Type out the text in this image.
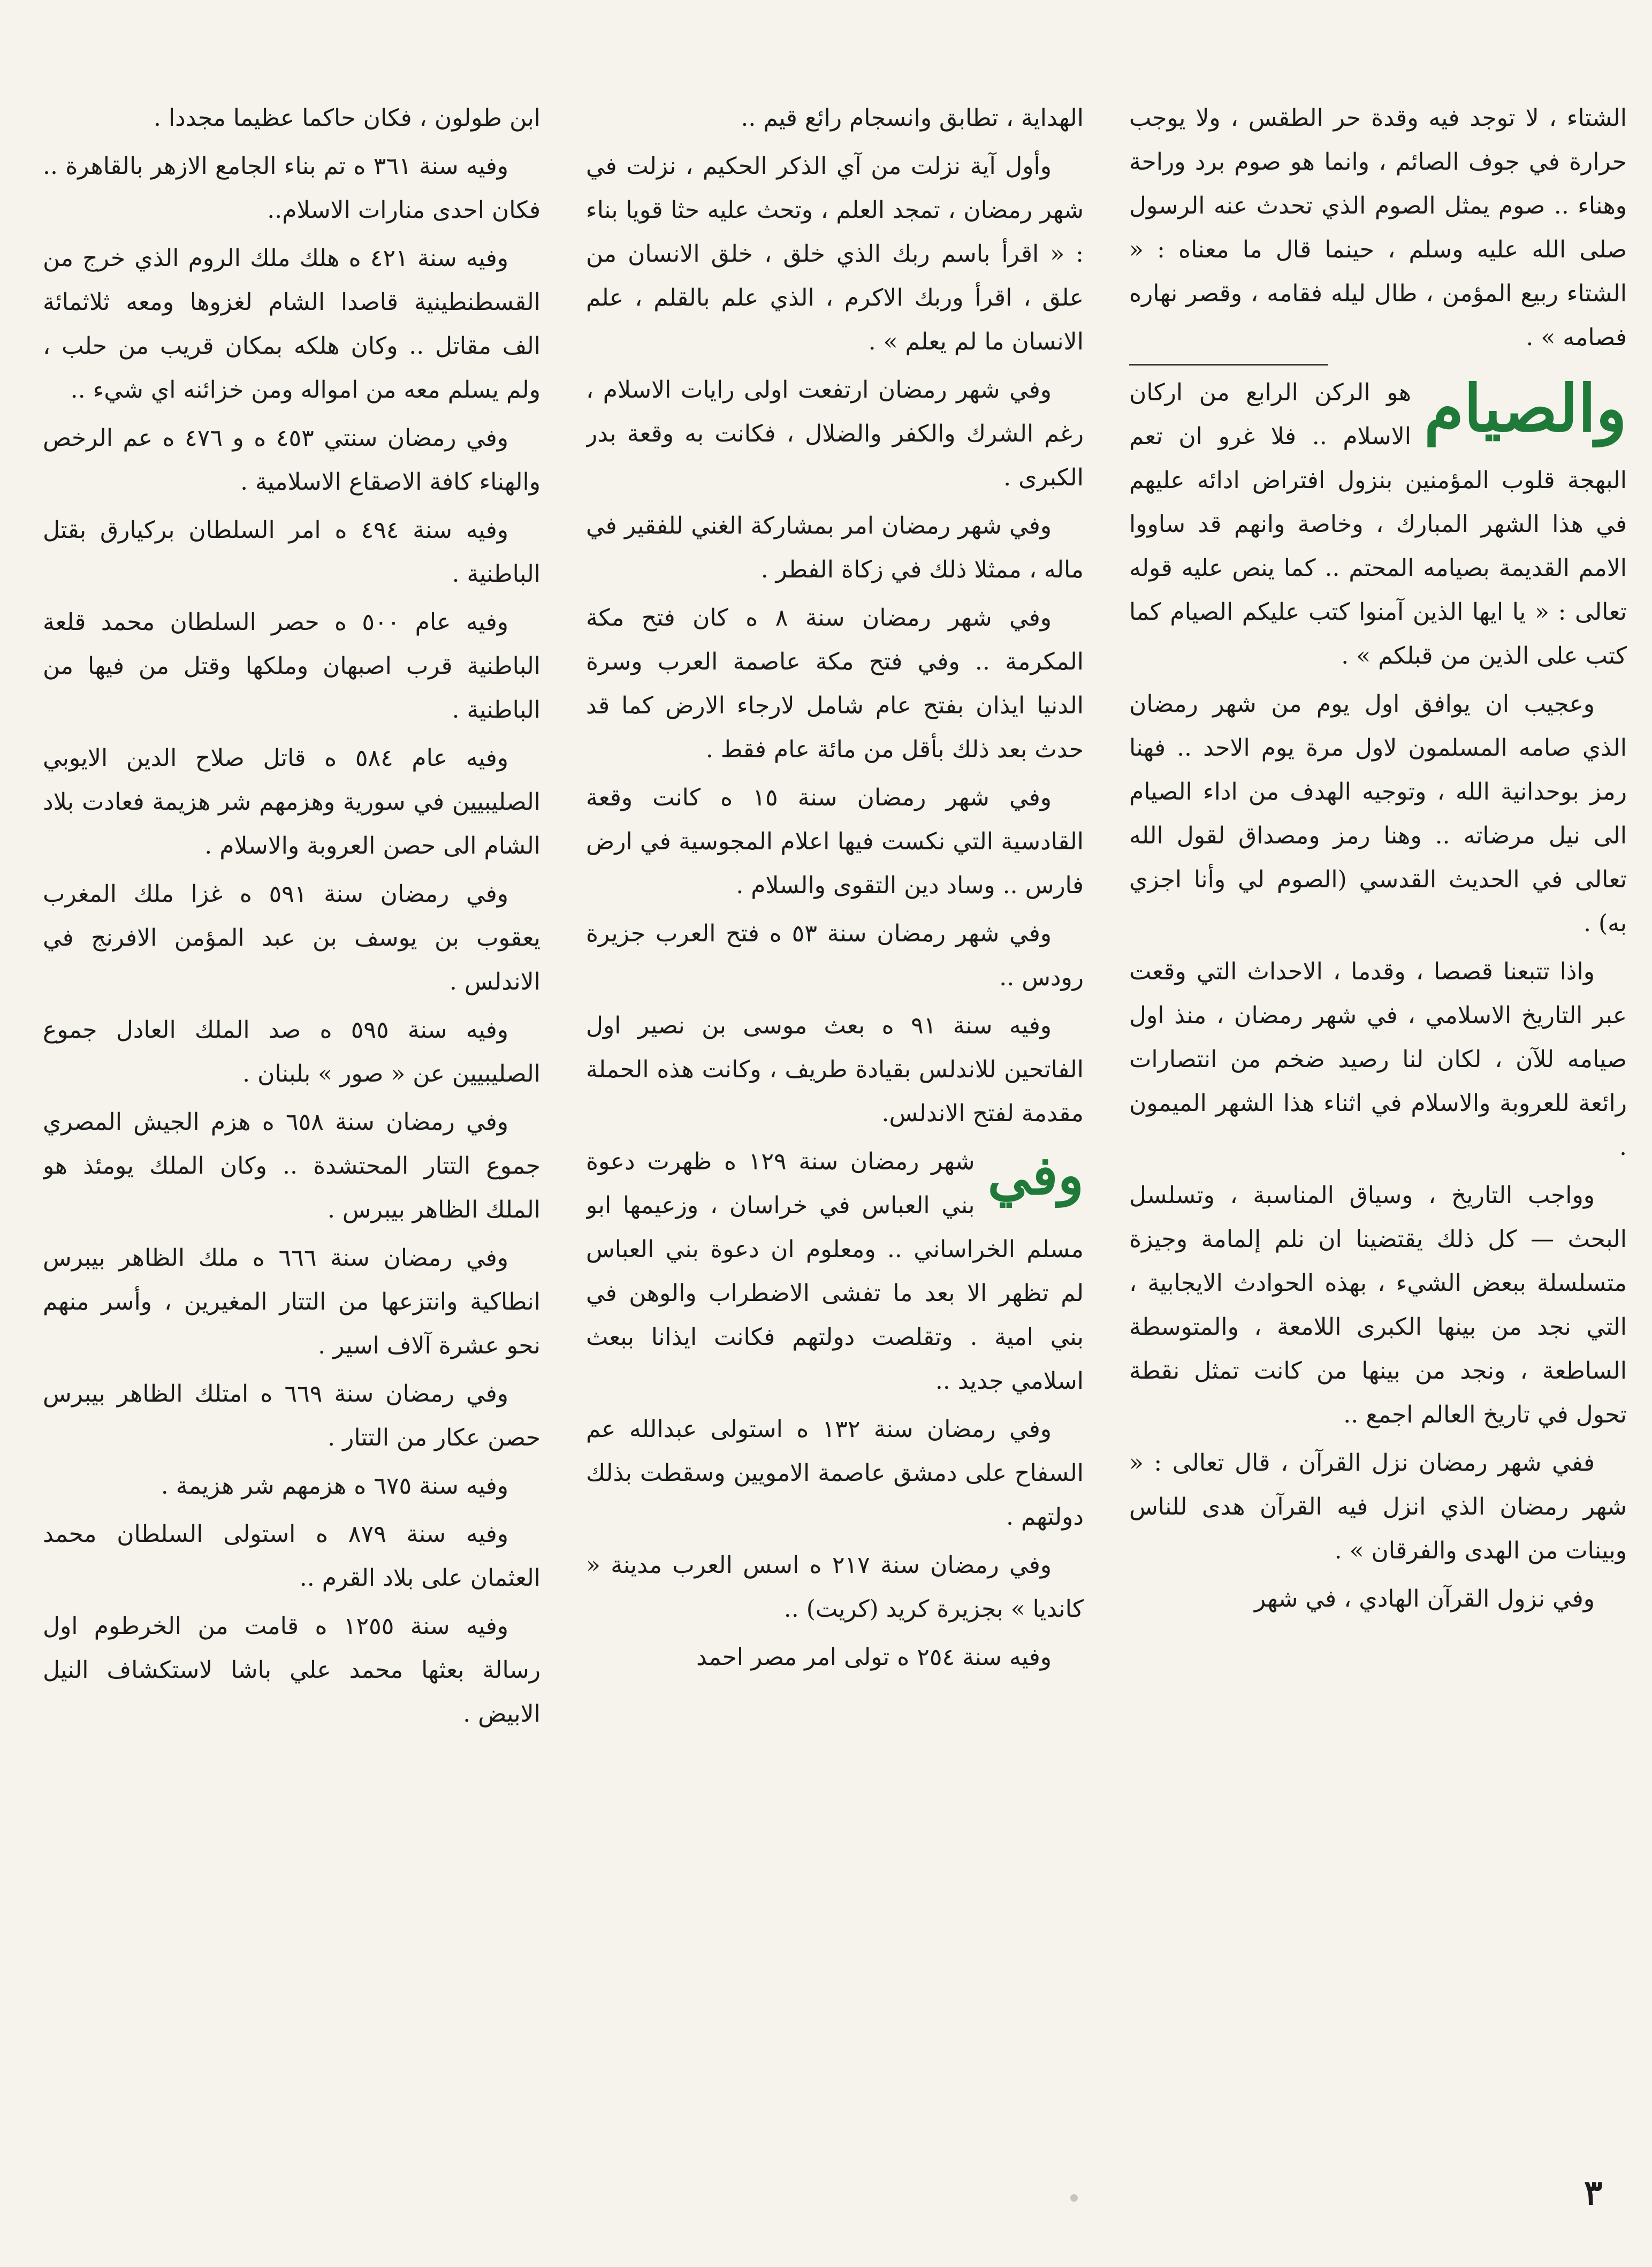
الشتاء ، لا توجد فيه وقدة حر الطقس ، ولا يوجب حرارة في جوف الصائم ، وانما هو صوم برد وراحة وهناء .. صوم يمثل الصوم الذي تحدث عنه الرسول صلى الله عليه وسلم ، حينما قال ما معناه : « الشتاء ربيع المؤمن ، طال ليله فقامه ، وقصر نهاره فصامه » .

والصيام
هو الركن الرابع من اركان الاسلام .. فلا غرو ان تعم البهجة قلوب المؤمنين بنزول افتراض ادائه عليهم في هذا الشهر المبارك ، وخاصة وانهم قد ساووا الامم القديمة بصيامه المحتم .. كما ينص عليه قوله تعالى : « يا ايها الذين آمنوا كتب عليكم الصيام كما كتب على الذين من قبلكم » .

وعجيب ان يوافق اول يوم من شهر رمضان الذي صامه المسلمون لاول مرة يوم الاحد .. فهنا رمز بوحدانية الله ، وتوجيه الهدف من اداء الصيام الى نيل مرضاته .. وهنا رمز ومصداق لقول الله تعالى في الحديث القدسي (الصوم لي وأنا اجزي به) .

واذا تتبعنا قصصا ، وقدما ، الاحداث التي وقعت عبر التاريخ الاسلامي ، في شهر رمضان ، منذ اول صيامه للآن ، لكان لنا رصيد ضخم من انتصارات رائعة للعروبة والاسلام في اثناء هذا الشهر الميمون .

وواجب التاريخ ، وسياق المناسبة ، وتسلسل البحث — كل ذلك يقتضينا ان نلم إلمامة وجيزة متسلسلة ببعض الشيء ، بهذه الحوادث الايجابية ، التي نجد من بينها الكبرى اللامعة ، والمتوسطة الساطعة ، ونجد من بينها من كانت تمثل نقطة تحول في تاريخ العالم اجمع ..

ففي شهر رمضان نزل القرآن ، قال تعالى : « شهر رمضان الذي انزل فيه القرآن هدى للناس وبينات من الهدى والفرقان » .

وفي نزول القرآن الهادي ، في شهر

الهداية ، تطابق وانسجام رائع قيم ..

وأول آية نزلت من آي الذكر الحكيم ، نزلت في شهر رمضان ، تمجد العلم ، وتحث عليه حثا قويا بناء : « اقرأ باسم ربك الذي خلق ، خلق الانسان من علق ، اقرأ وربك الاكرم ، الذي علم بالقلم ، علم الانسان ما لم يعلم » .

وفي شهر رمضان ارتفعت اولى رايات الاسلام ، رغم الشرك والكفر والضلال ، فكانت به وقعة بدر الكبرى .

وفي شهر رمضان امر بمشاركة الغني للفقير في ماله ، ممثلا ذلك في زكاة الفطر .

وفي شهر رمضان سنة ٨ ه كان فتح مكة المكرمة .. وفي فتح مكة عاصمة العرب وسرة الدنيا ايذان بفتح عام شامل لارجاء الارض كما قد حدث بعد ذلك بأقل من مائة عام فقط .

وفي شهر رمضان سنة ١٥ ه كانت وقعة القادسية التي نكست فيها اعلام المجوسية في ارض فارس .. وساد دين التقوى والسلام .

وفي شهر رمضان سنة ٥٣ ه فتح العرب جزيرة رودس ..

وفيه سنة ٩١ ه بعث موسى بن نصير اول الفاتحين للاندلس بقيادة طريف ، وكانت هذه الحملة مقدمة لفتح الاندلس.

وفي
شهر رمضان سنة ١٢٩ ه ظهرت دعوة بني العباس في خراسان ، وزعيمها ابو مسلم الخراساني .. ومعلوم ان دعوة بني العباس لم تظهر الا بعد ما تفشى الاضطراب والوهن في بني امية . وتقلصت دولتهم فكانت ايذانا ببعث اسلامي جديد ..

وفي رمضان سنة ١٣٢ ه استولى عبدالله عم السفاح على دمشق عاصمة الامويين وسقطت بذلك دولتهم .

وفي رمضان سنة ٢١٧ ه اسس العرب مدينة « كانديا » بجزيرة كريد (كريت) ..

وفيه سنة ٢٥٤ ه تولى امر مصر احمد

ابن طولون ، فكان حاكما عظيما مجددا .

وفيه سنة ٣٦١ ه تم بناء الجامع الازهر بالقاهرة .. فكان احدى منارات الاسلام..

وفيه سنة ٤٢١ ه هلك ملك الروم الذي خرج من القسطنطينية قاصدا الشام لغزوها ومعه ثلاثمائة الف مقاتل .. وكان هلكه بمكان قريب من حلب ، ولم يسلم معه من امواله ومن خزائنه اي شيء ..

وفي رمضان سنتي ٤٥٣ ه و ٤٧٦ ه عم الرخص والهناء كافة الاصقاع الاسلامية .

وفيه سنة ٤٩٤ ه امر السلطان بركيارق بقتل الباطنية .

وفيه عام ٥٠٠ ه حصر السلطان محمد قلعة الباطنية قرب اصبهان وملكها وقتل من فيها من الباطنية .

وفيه عام ٥٨٤ ه قاتل صلاح الدين الايوبي الصليبيين في سورية وهزمهم شر هزيمة فعادت بلاد الشام الى حصن العروبة والاسلام .

وفي رمضان سنة ٥٩١ ه غزا ملك المغرب يعقوب بن يوسف بن عبد المؤمن الافرنج في الاندلس .

وفيه سنة ٥٩٥ ه صد الملك العادل جموع الصليبيين عن « صور » بلبنان .

وفي رمضان سنة ٦٥٨ ه هزم الجيش المصري جموع التتار المحتشدة .. وكان الملك يومئذ هو الملك الظاهر بيبرس .

وفي رمضان سنة ٦٦٦ ه ملك الظاهر بيبرس انطاكية وانتزعها من التتار المغيرين ، وأسر منهم نحو عشرة آلاف اسير .

وفي رمضان سنة ٦٦٩ ه امتلك الظاهر بيبرس حصن عكار من التتار .

وفيه سنة ٦٧٥ ه هزمهم شر هزيمة .

وفيه سنة ٨٧٩ ه استولى السلطان محمد العثمان على بلاد القرم ..

وفيه سنة ١٢٥٥ ه قامت من الخرطوم اول رسالة بعثها محمد علي باشا لاستكشاف النيل الابيض .

٣
